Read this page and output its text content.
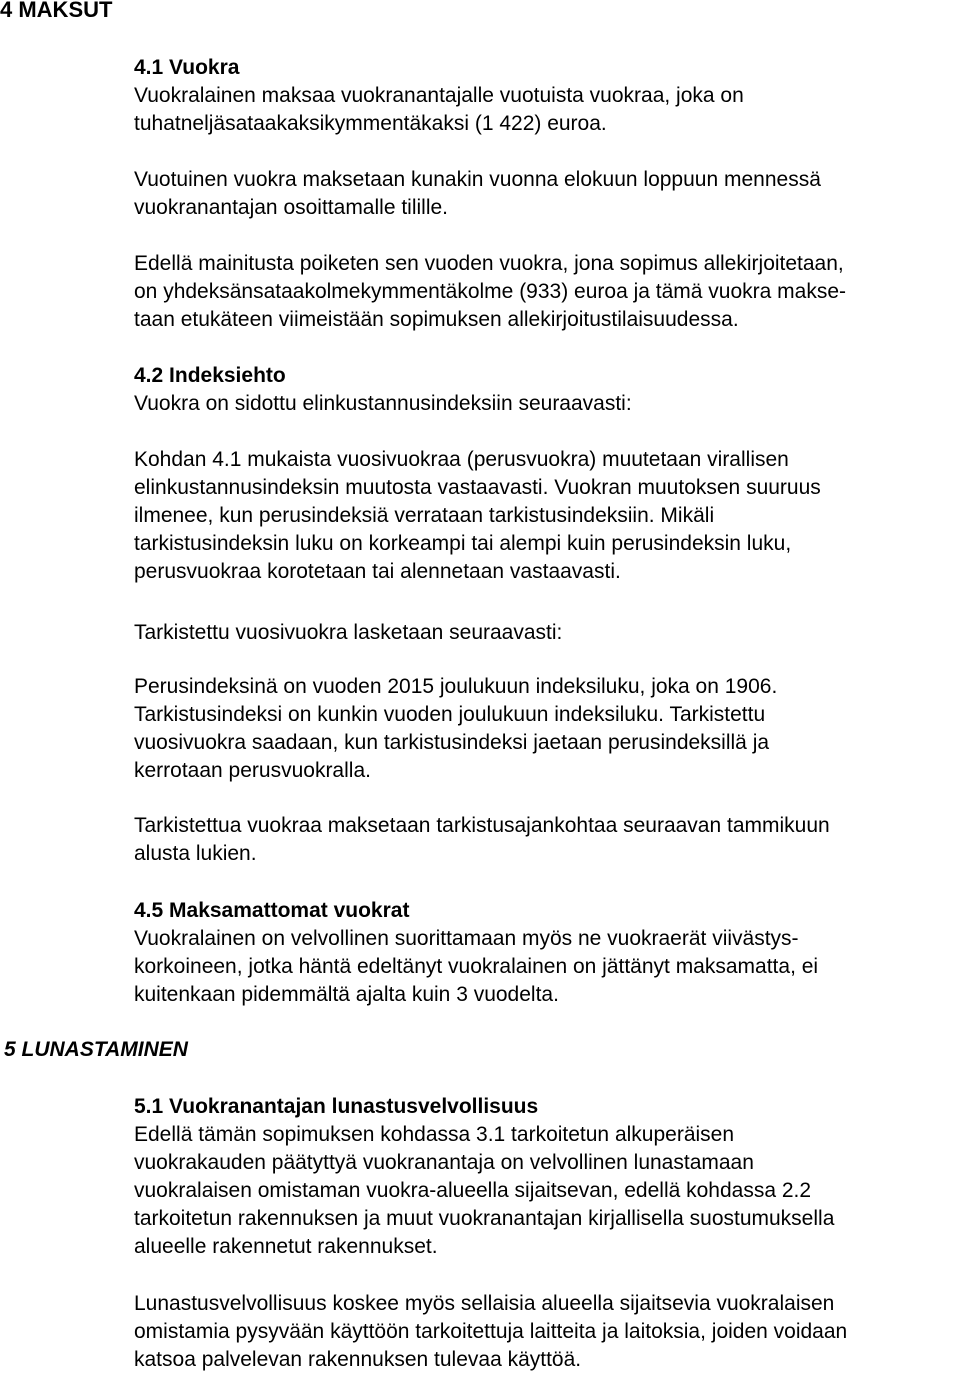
4 MAKSUT
4.1 Vuokra
Vuokralainen maksaa vuokranantajalle vuotuista vuokraa, joka on
tuhatneljäsataakaksikymmentäkaksi (1 422) euroa.
Vuotuinen vuokra maksetaan kunakin vuonna elokuun loppuun mennessä
vuokranantajan osoittamalle tilille.
Edellä mainitusta poiketen sen vuoden vuokra, jona sopimus allekirjoitetaan,
on yhdeksänsataakolmekymmentäkolme (933) euroa ja tämä vuokra makse-
taan etukäteen viimeistään sopimuksen allekirjoitustilaisuudessa.
4.2 Indeksiehto
Vuokra on sidottu elinkustannusindeksiin seuraavasti:
Kohdan 4.1 mukaista vuosivuokraa (perusvuokra) muutetaan virallisen
elinkustannusindeksin muutosta vastaavasti. Vuokran muutoksen suuruus
ilmenee, kun perusindeksiä verrataan tarkistusindeksiin. Mikäli
tarkistusindeksin luku on korkeampi tai alempi kuin perusindeksin luku,
perusvuokraa korotetaan tai alennetaan vastaavasti.
Tarkistettu vuosivuokra lasketaan seuraavasti:
Perusindeksinä on vuoden 2015 joulukuun indeksiluku, joka on 1906.
Tarkistusindeksi on kunkin vuoden joulukuun indeksiluku. Tarkistettu
vuosivuokra saadaan, kun tarkistusindeksi jaetaan perusindeksillä ja
kerrotaan perusvuokralla.
Tarkistettua vuokraa maksetaan tarkistusajankohtaa seuraavan tammikuun
alusta lukien.
4.5 Maksamattomat vuokrat
Vuokralainen on velvollinen suorittamaan myös ne vuokraerät viivästys-
korkoineen, jotka häntä edeltänyt vuokralainen on jättänyt maksamatta, ei
kuitenkaan pidemmältä ajalta kuin 3 vuodelta.
5 LUNASTAMINEN
5.1 Vuokranantajan lunastusvelvollisuus
Edellä tämän sopimuksen kohdassa 3.1 tarkoitetun alkuperäisen
vuokrakauden päätyttyä vuokranantaja on velvollinen lunastamaan
vuokralaisen omistaman vuokra-alueella sijaitsevan, edellä kohdassa 2.2
tarkoitetun rakennuksen ja muut vuokranantajan kirjallisella suostumuksella
alueelle rakennetut rakennukset.
Lunastusvelvollisuus koskee myös sellaisia alueella sijaitsevia vuokralaisen
omistamia pysyvään käyttöön tarkoitettuja laitteita ja laitoksia, joiden voidaan
katsoa palvelevan rakennuksen tulevaa käyttöä.
